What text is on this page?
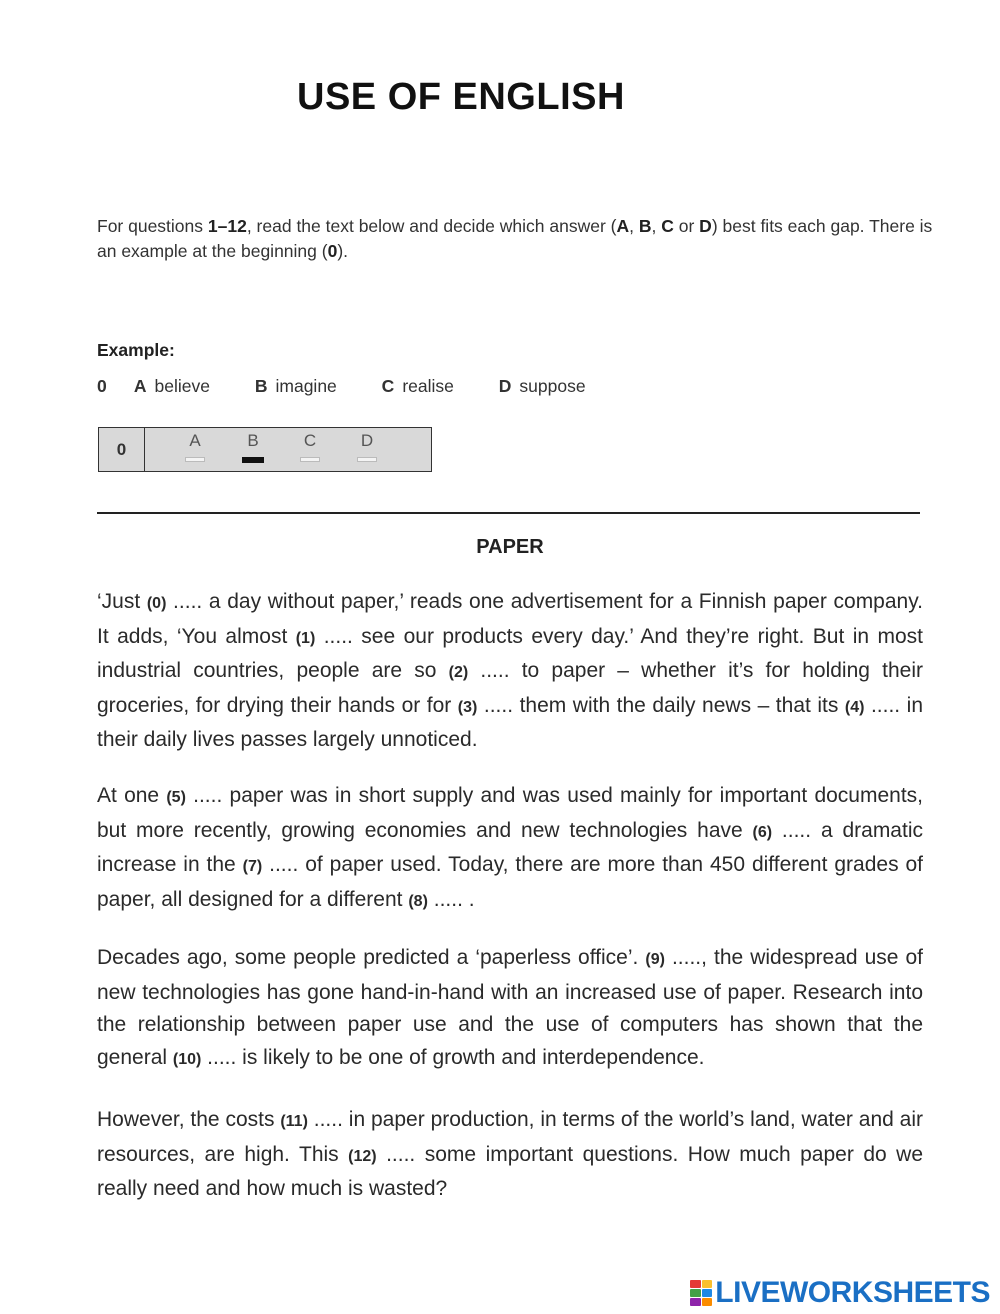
USE OF ENGLISH
For questions 1–12, read the text below and decide which answer (A, B, C or D) best fits each gap. There is an example at the beginning (0).
Example:
0 A believe	B imagine	C realise	D suppose
0	A	B	C	D
PAPER
‘Just (0) ..... a day without paper,’ reads one advertisement for a Finnish paper company. It adds, ‘You almost (1) ..... see our products every day.’ And they’re right. But in most industrial countries, people are so (2) ..... to paper – whether it’s for holding their groceries, for drying their hands or for (3) ..... them with the daily news – that its (4) ..... in their daily lives passes largely unnoticed.
At one (5) ..... paper was in short supply and was used mainly for important documents, but more recently, growing economies and new technologies have (6) ..... a dramatic increase in the (7) ..... of paper used. Today, there are more than 450 different grades of paper, all designed for a different (8) ..... .
Decades ago, some people predicted a ‘paperless office’. (9) ....., the widespread use of new technologies has gone hand-in-hand with an increased use of paper. Research into the relationship between paper use and the use of computers has shown that the general (10) ..... is likely to be one of growth and interdependence.
However, the costs (11) ..... in paper production, in terms of the world’s land, water and air resources, are high. This (12) ..... some important questions. How much paper do we really need and how much is wasted?
LIVEWORKSHEETS
